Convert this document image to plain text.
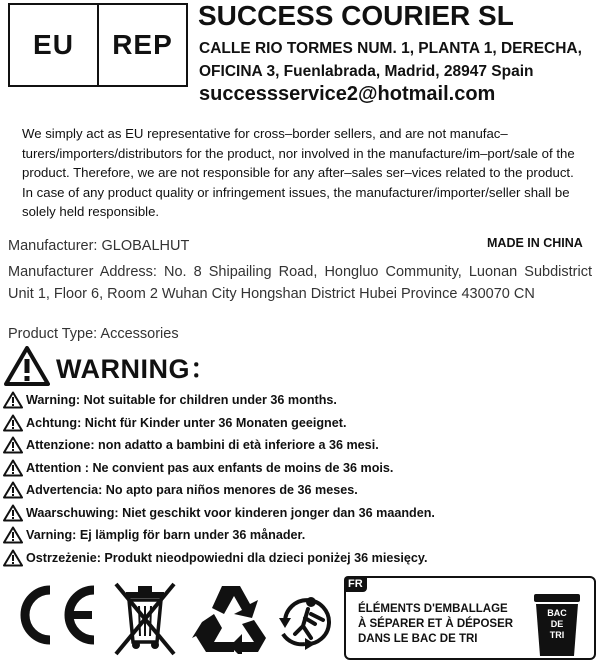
EU	REP
SUCCESS COURIER SL
CALLE RIO TORMES NUM. 1, PLANTA 1, DERECHA, OFICINA 3, Fuenlabrada, Madrid, 28947 Spain
successservice2@hotmail.com
We simply act as EU representative for cross–border sellers, and are not manufac–turers/importers/distributors for the product, nor involved in the manufacture/im–port/sale of the product. Therefore, we are not responsible for any after–sales ser–vices related to the product. In case of any product quality or infringement issues, the manufacturer/importer/seller shall be solely held responsible.
MADE IN CHINA
Manufacturer: GLOBALHUT
Manufacturer Address: No. 8 Shipailing Road, Hongluo Community, Luonan Subdistrict Unit 1, Floor 6, Room 2 Wuhan City Hongshan District Hubei Province 430070 CN
Product Type: Accessories
WARNING：
Warning: Not suitable for children under 36 months.
Achtung: Nicht für Kinder unter 36 Monaten geeignet.
Attenzione: non adatto a bambini di età inferiore a 36 mesi.
Attention : Ne convient pas aux enfants de moins de 36 mois.
Advertencia: No apto para niños menores de 36 meses.
Waarschuwing: Niet geschikt voor kinderen jonger dan 36 maanden.
Varning: Ej lämplig för barn under 36 månader.
Ostrzeżenie: Produkt nieodpowiedni dla dzieci poniżej 36 miesięcy.
FR
ÉLÉMENTS D'EMBALLAGE À SÉPARER ET À DÉPOSER DANS LE BAC DE TRI
BAC DE TRI
